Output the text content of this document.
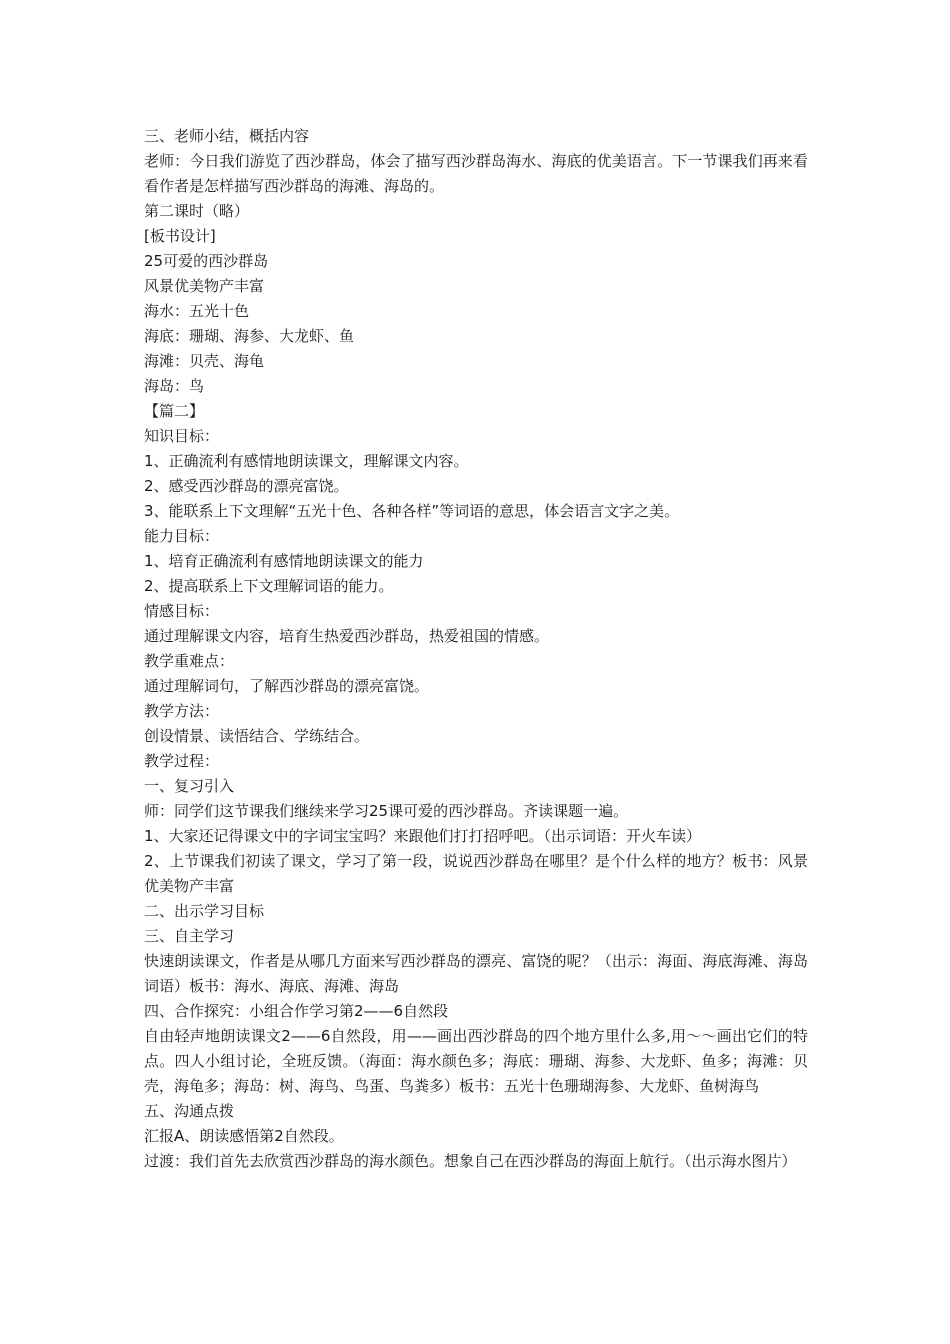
三、老师小结，概括内容
老师：今日我们游览了西沙群岛，体会了描写西沙群岛海水、海底的优美语言。下一节课我们再来看看作者是怎样描写西沙群岛的海滩、海岛的。
第二课时（略）
[板书设计]
25可爱的西沙群岛
风景优美物产丰富
海水：五光十色
海底：珊瑚、海参、大龙虾、鱼
海滩：贝壳、海龟
海岛：鸟
【篇二】
知识目标：
1、正确流利有感情地朗读课文，理解课文内容。
2、感受西沙群岛的漂亮富饶。
3、能联系上下文理解“五光十色、各种各样”等词语的意思，体会语言文字之美。
能力目标：
1、培育正确流利有感情地朗读课文的能力
2、提高联系上下文理解词语的能力。
情感目标：
通过理解课文内容，培育生热爱西沙群岛，热爱祖国的情感。
教学重难点：
通过理解词句，了解西沙群岛的漂亮富饶。
教学方法：
创设情景、读悟结合、学练结合。
教学过程：
一、复习引入
师：同学们这节课我们继续来学习25课可爱的西沙群岛。齐读课题一遍。
1、大家还记得课文中的字词宝宝吗？来跟他们打打招呼吧。（出示词语：开火车读）
2、上节课我们初读了课文，学习了第一段，说说西沙群岛在哪里？是个什么样的地方？板书：风景优美物产丰富
二、出示学习目标
三、自主学习
快速朗读课文，作者是从哪几方面来写西沙群岛的漂亮、富饶的呢？（出示：海面、海底海滩、海岛词语）板书：海水、海底、海滩、海岛
四、合作探究：小组合作学习第2——6自然段
自由轻声地朗读课文2——6自然段，用——画出西沙群岛的四个地方里什么多,用～～画出它们的特点。四人小组讨论，全班反馈。（海面：海水颜色多；海底：珊瑚、海参、大龙虾、鱼多；海滩：贝壳，海龟多；海岛：树、海鸟、鸟蛋、鸟粪多）板书：五光十色珊瑚海参、大龙虾、鱼树海鸟
五、沟通点拨
汇报A、朗读感悟第2自然段。
过渡：我们首先去欣赏西沙群岛的海水颜色。想象自己在西沙群岛的海面上航行。（出示海水图片）
